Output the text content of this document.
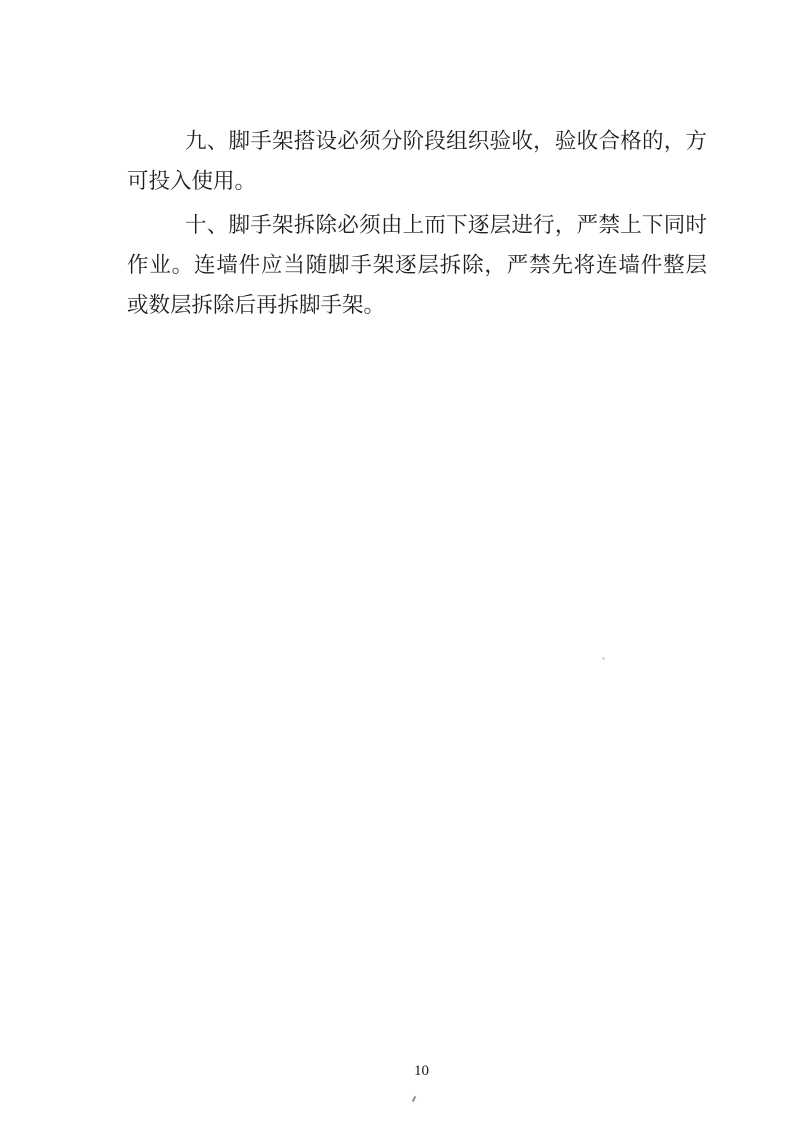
九、脚手架搭设必须分阶段组织验收，验收合格的，方
可投入使用。

十、脚手架拆除必须由上而下逐层进行，严禁上下同时
作业。连墙件应当随脚手架逐层拆除，严禁先将连墙件整层
或数层拆除后再拆脚手架。

10
